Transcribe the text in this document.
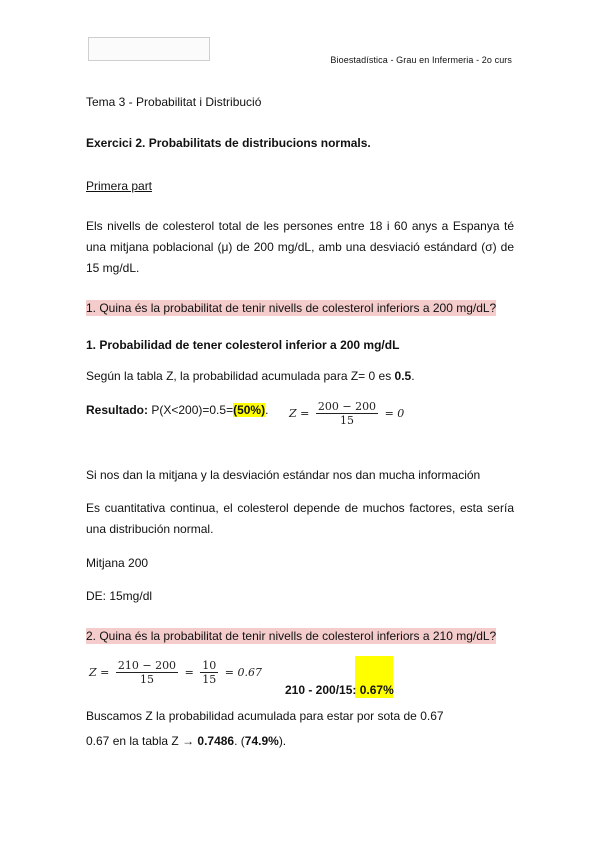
Bioestadística - Grau en Infermeria - 2o curs
Tema 3 - Probabilitat i Distribució
Exercici 2. Probabilitats de distribucions normals.
Primera part
Els nivells de colesterol total de les persones entre 18 i 60 anys a Espanya té
una mitjana poblacional (μ) de 200 mg/dL, amb una desviació estándard (σ) de
15 mg/dL.
1. Quina és la probabilitat de tenir nivells de colesterol inferiors a 200 mg/dL?
1. Probabilidad de tener colesterol inferior a 200 mg/dL
Según la tabla Z, la probabilidad acumulada para Z= 0 es 0.5.
Resultado: P(X<200)=0.5=(50%). $Z = \frac{200 - 200}{15} = 0$
Si nos dan la mitjana y la desviación estándar nos dan mucha información
Es cuantitativa continua, el colesterol depende de muchos factores, esta sería
una distribución normal.
Mitjana 200
DE: 15mg/dl
2. Quina és la probabilitat de tenir nivells de colesterol inferiors a 210 mg/dL?
$Z = \frac{210 - 200}{15} = \frac{10}{15} = 0.67$
210 - 200/15: 0.67%
Buscamos Z la probabilidad acumulada para estar por sota de 0.67
0.67 en la tabla Z → 0.7486. (74.9%).
